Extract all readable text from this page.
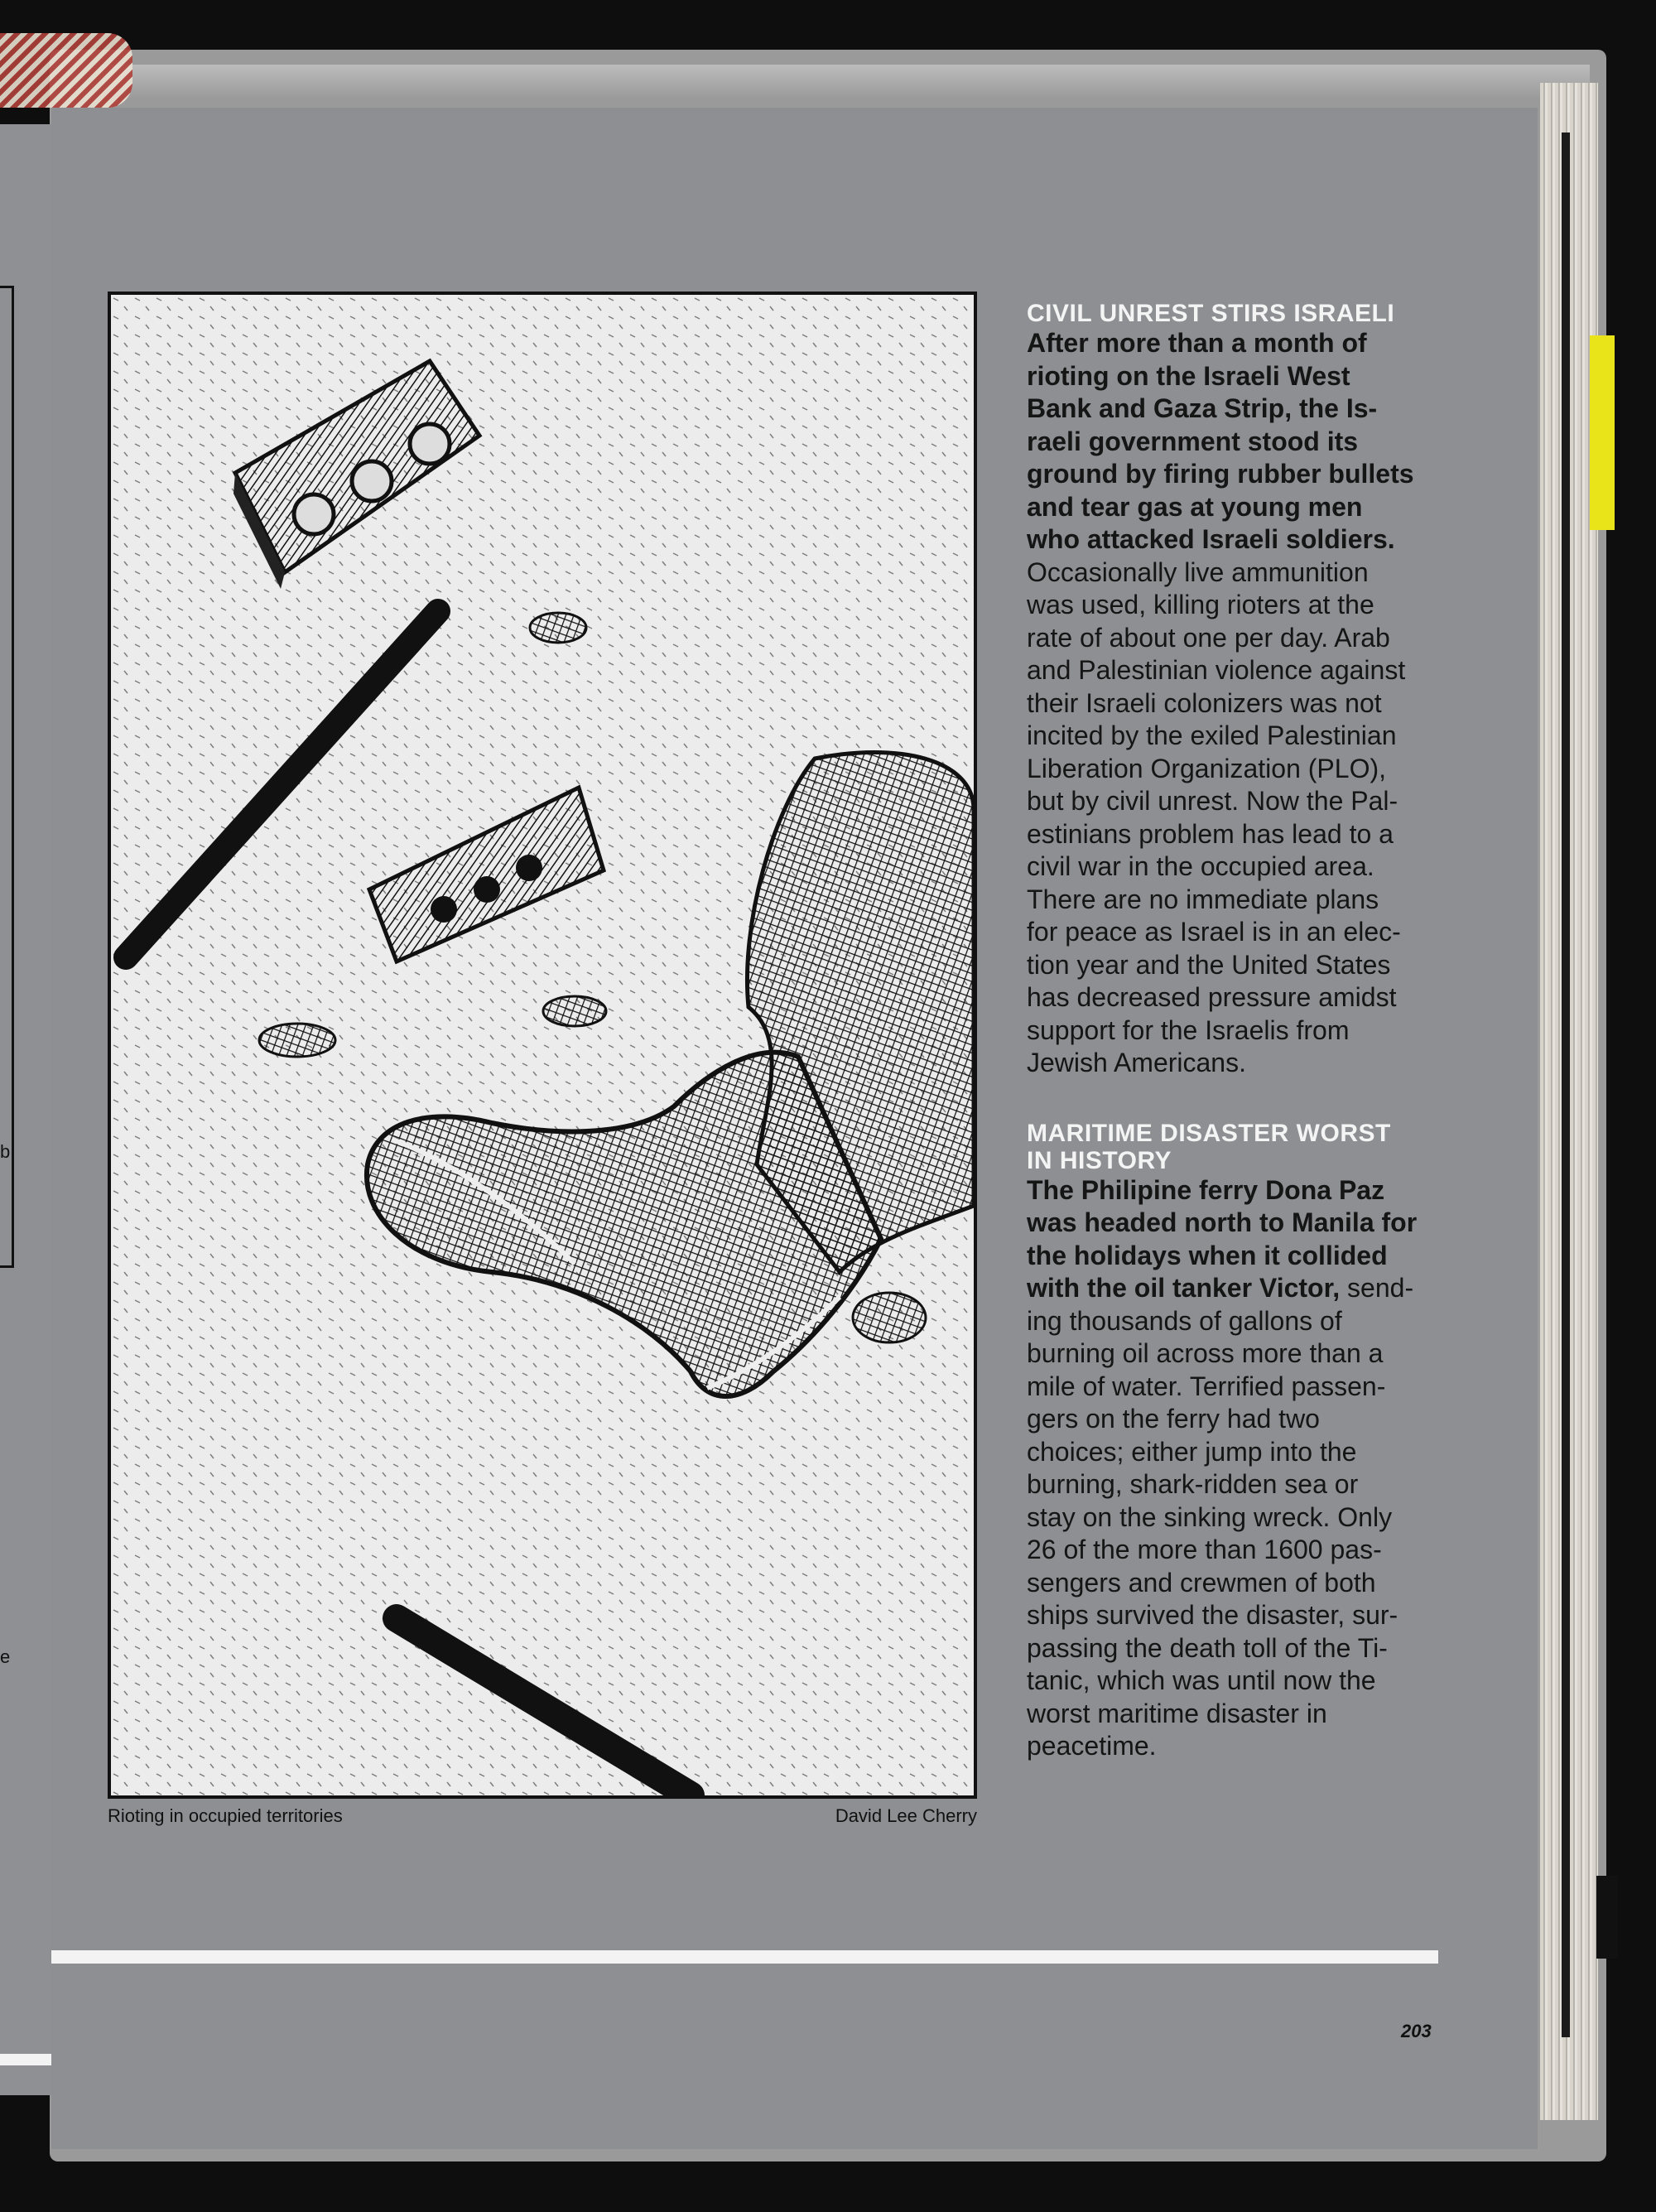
b
e
Rioting in occupied territories	David Lee Cherry
CIVIL UNREST STIRS ISRAELI
After more than a month of
rioting on the Israeli West
Bank and Gaza Strip, the Is-
raeli government stood its
ground by firing rubber bullets
and tear gas at young men
who attacked Israeli soldiers.
Occasionally live ammunition
was used, killing rioters at the
rate of about one per day. Arab
and Palestinian violence against
their Israeli colonizers was not
incited by the exiled Palestinian
Liberation Organization (PLO),
but by civil unrest. Now the Pal-
estinians problem has lead to a
civil war in the occupied area.
There are no immediate plans
for peace as Israel is in an elec-
tion year and the United States
has decreased pressure amidst
support for the Israelis from
Jewish Americans.
MARITIME DISASTER WORST
IN HISTORY
The Philipine ferry Dona Paz
was headed north to Manila for
the holidays when it collided
with the oil tanker Victor, send-
ing thousands of gallons of
burning oil across more than a
mile of water. Terrified passen-
gers on the ferry had two
choices; either jump into the
burning, shark-ridden sea or
stay on the sinking wreck. Only
26 of the more than 1600 pas-
sengers and crewmen of both
ships survived the disaster, sur-
passing the death toll of the Ti-
tanic, which was until now the
worst maritime disaster in
peacetime.
203
